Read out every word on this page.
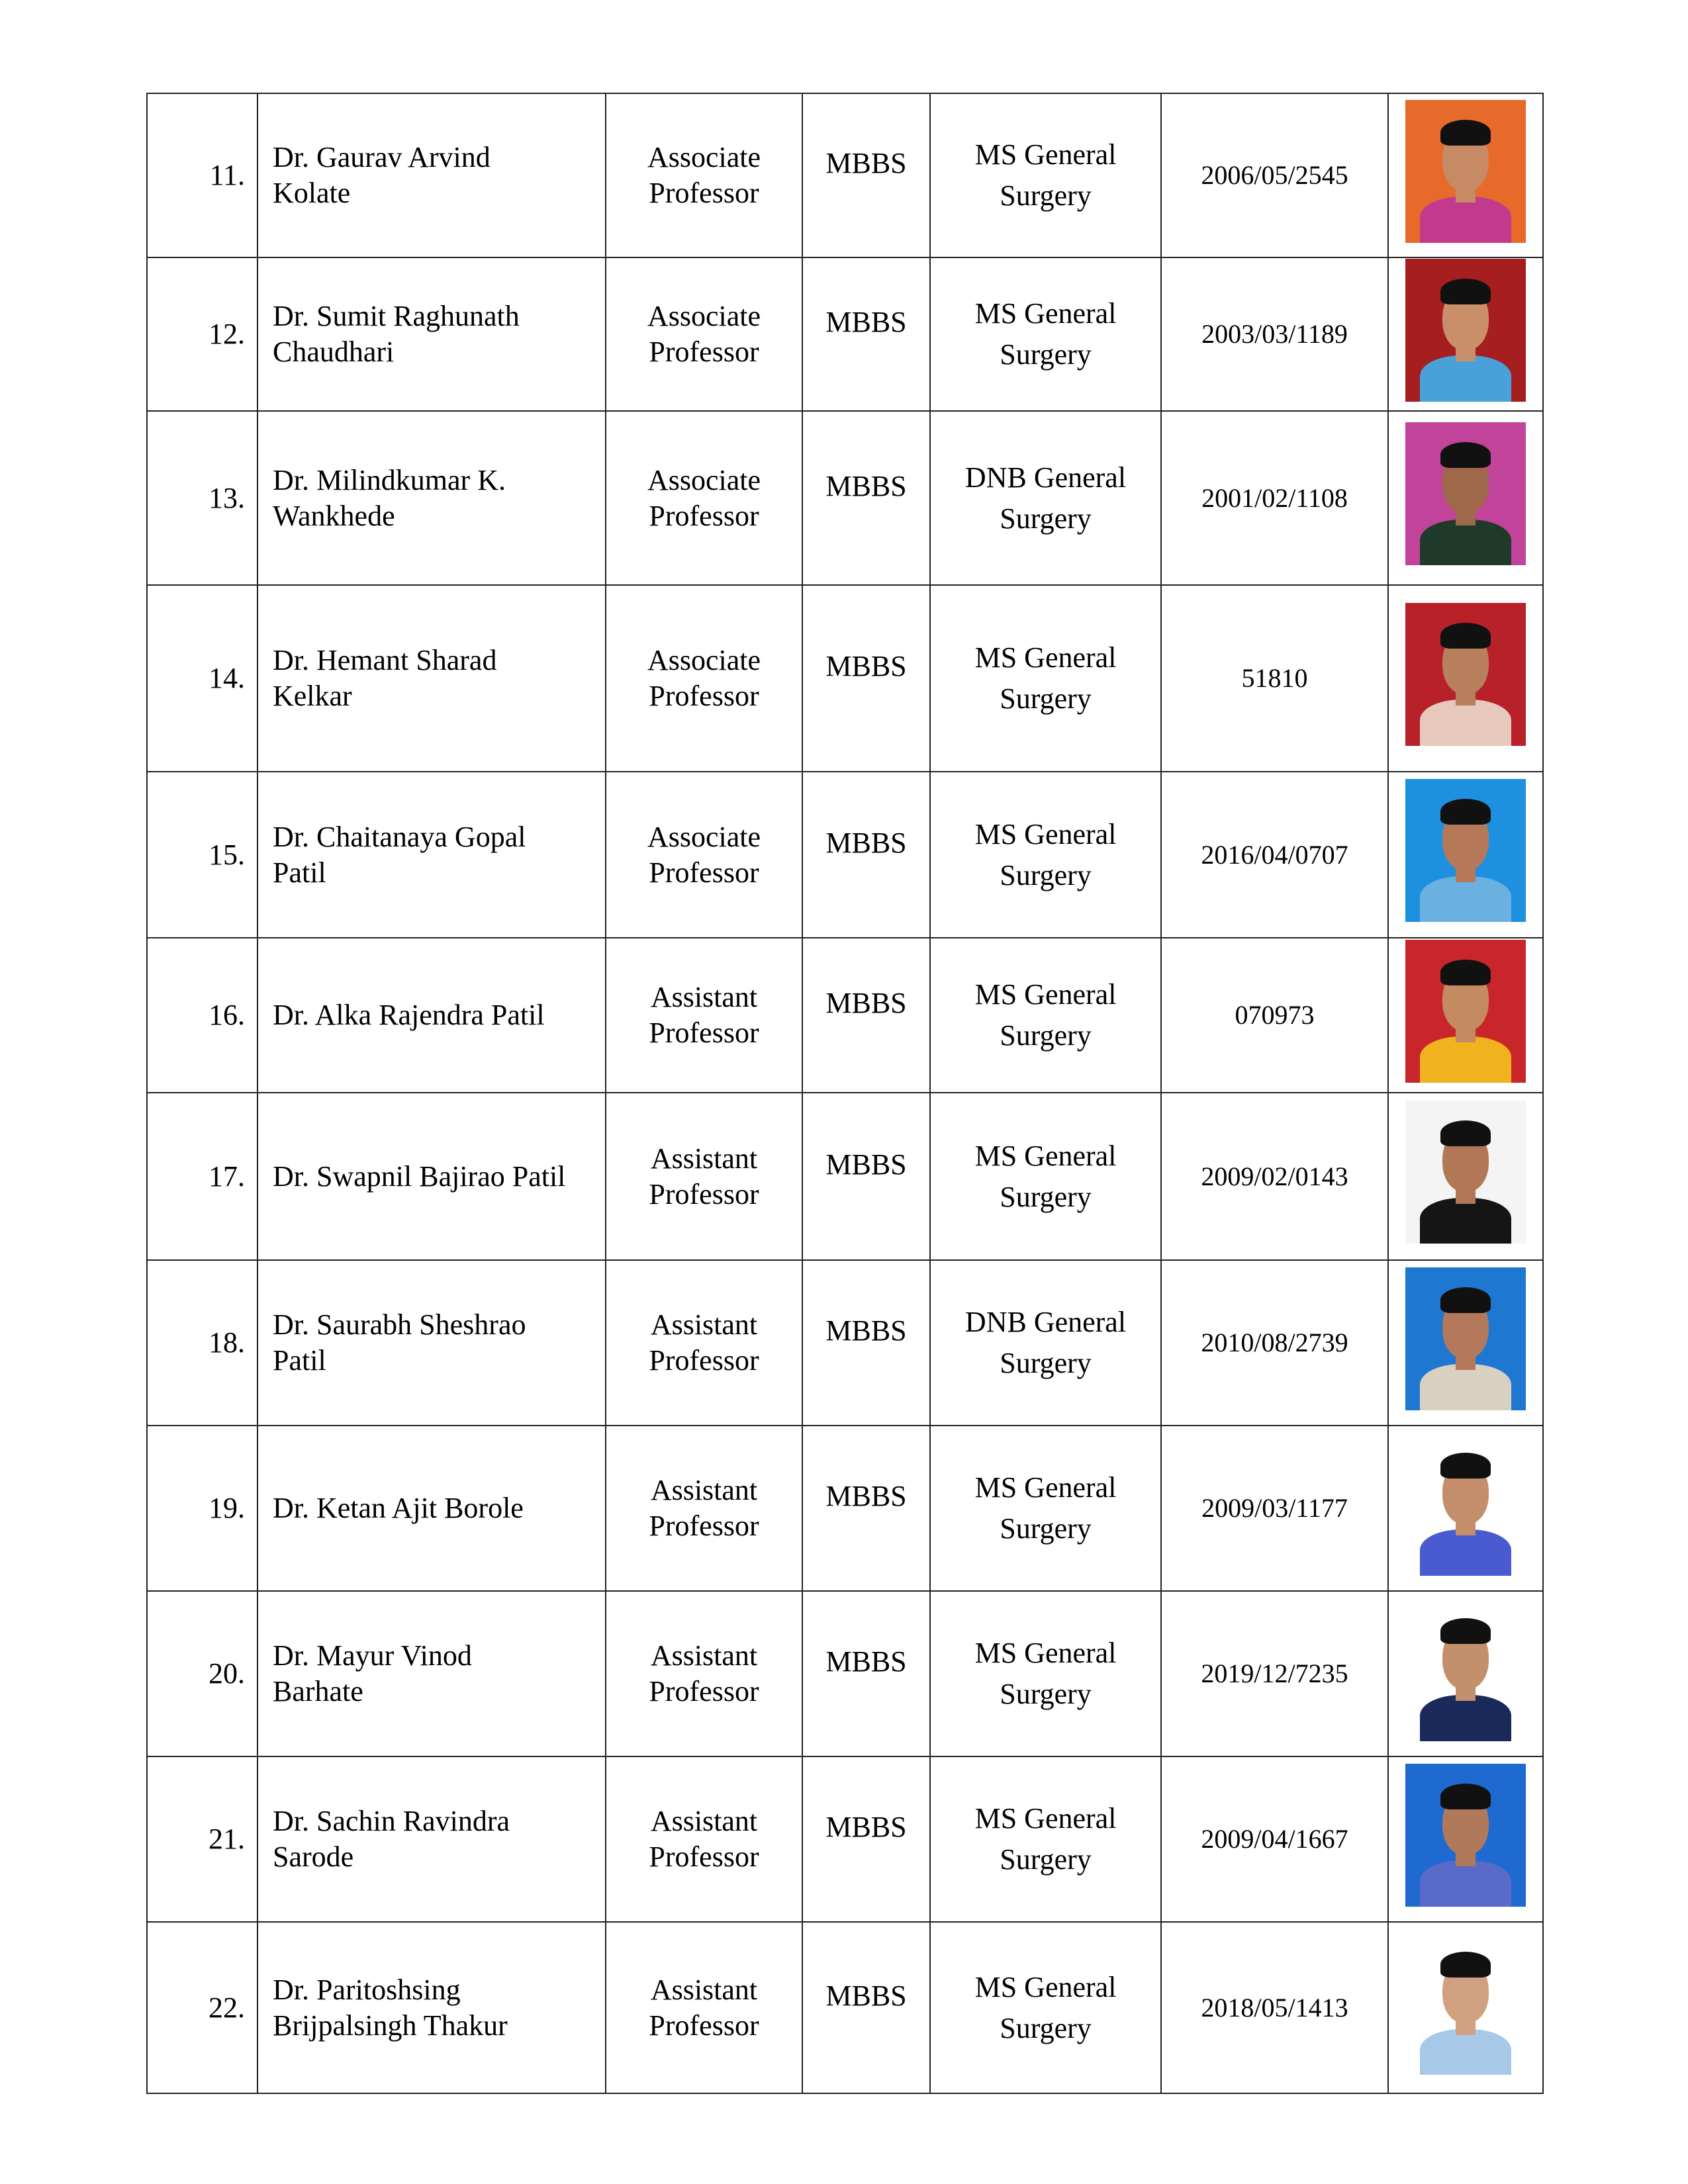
11.	Dr. Gaurav Arvind
Kolate	Associate
Professor	MBBS	MS General
Surgery	2006/05/2545	

12.	Dr. Sumit Raghunath
Chaudhari	Associate
Professor	MBBS	MS General
Surgery	2003/03/1189	

13.	Dr. Milindkumar K.
Wankhede	Associate
Professor	MBBS	DNB General
Surgery	2001/02/1108	

14.	Dr. Hemant Sharad
Kelkar	Associate
Professor	MBBS	MS General
Surgery	51810	

15.	Dr. Chaitanaya Gopal
Patil	Associate
Professor	MBBS	MS General
Surgery	2016/04/0707	

16.	Dr. Alka Rajendra Patil	Assistant
Professor	MBBS	MS General
Surgery	070973	

17.	Dr. Swapnil Bajirao Patil	Assistant
Professor	MBBS	MS General
Surgery	2009/02/0143	

18.	Dr. Saurabh Sheshrao
Patil	Assistant
Professor	MBBS	DNB General
Surgery	2010/08/2739	

19.	Dr. Ketan Ajit Borole	Assistant
Professor	MBBS	MS General
Surgery	2009/03/1177	

20.	Dr. Mayur Vinod
Barhate	Assistant
Professor	MBBS	MS General
Surgery	2019/12/7235	

21.	Dr. Sachin Ravindra
Sarode	Assistant
Professor	MBBS	MS General
Surgery	2009/04/1667	

22.	Dr. Paritoshsing
Brijpalsingh Thakur	Assistant
Professor	MBBS	MS General
Surgery	2018/05/1413	
